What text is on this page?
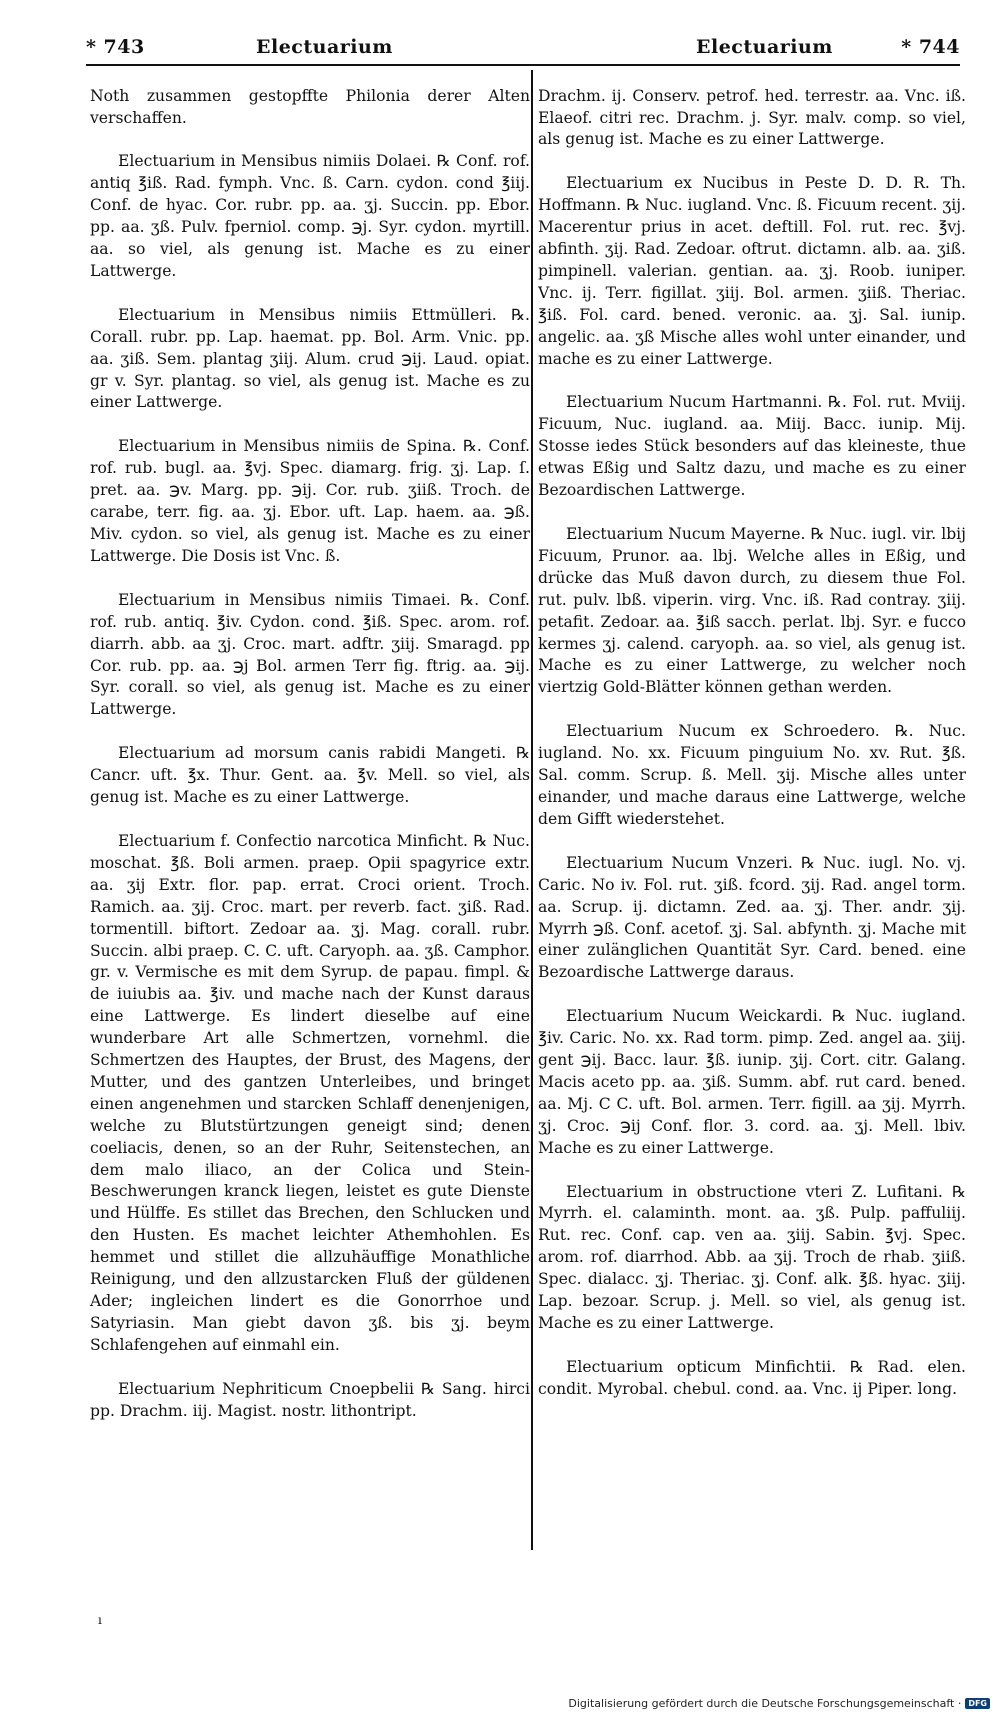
* 743	Electuarium	Electuarium	* 744

Noth zusammen gestopffte Philonia derer Alten verschaffen.

Electuarium in Mensibus nimiis Dolaei. ℞ Conf. rof. antiq ℥iß. Rad. fymph. Vnc. ß. Carn. cydon. cond ℥iij. Conf. de hyac. Cor. rubr. pp. aa. ʒj. Succin. pp. Ebor. pp. aa. ʒß. Pulv. fperniol. comp. ℈j. Syr. cydon. myrtill. aa. so viel, als genung ist. Mache es zu einer Lattwerge.

Electuarium in Mensibus nimiis Ettmülleri. ℞. Corall. rubr. pp. Lap. haemat. pp. Bol. Arm. Vnic. pp. aa. ʒiß. Sem. plantag ʒiij. Alum. crud ℈ij. Laud. opiat. gr v. Syr. plantag. so viel, als genug ist. Mache es zu einer Lattwerge.

Electuarium in Mensibus nimiis de Spina. ℞. Conf. rof. rub. bugl. aa. ℥vj. Spec. diamarg. frig. ʒj. Lap. ſ. pret. aa. ℈v. Marg. pp. ℈ij. Cor. rub. ʒiiß. Troch. de carabe, terr. fig. aa. ʒj. Ebor. uft. Lap. haem. aa. ℈ß. Miv. cydon. so viel, als genug ist. Mache es zu einer Lattwerge. Die Dosis ist Vnc. ß.

Electuarium in Mensibus nimiis Timaei. ℞. Conf. rof. rub. antiq. ℥iv. Cydon. cond. ℥iß. Spec. arom. rof. diarrh. abb. aa ʒj. Croc. mart. adftr. ʒiij. Smaragd. pp Cor. rub. pp. aa. ℈j Bol. armen Terr fig. ftrig. aa. ℈ij. Syr. corall. so viel, als genug ist. Mache es zu einer Lattwerge.

Electuarium ad morsum canis rabidi Mangeti. ℞ Cancr. uft. ℥x. Thur. Gent. aa. ℥v. Mell. so viel, als genug ist. Mache es zu einer Lattwerge.

Electuarium f. Confectio narcotica Minficht. ℞ Nuc. moschat. ℥ß. Boli armen. praep. Opii spagyrice extr. aa. ʒij Extr. flor. pap. errat. Croci orient. Troch. Ramich. aa. ʒij. Croc. mart. per reverb. fact. ʒiß. Rad. tormentill. biftort. Zedoar aa. ʒj. Mag. corall. rubr. Succin. albi praep. C. C. uft. Caryoph. aa. ʒß. Camphor. gr. v. Vermische es mit dem Syrup. de papau. fimpl. & de iuiubis aa. ℥iv. und mache nach der Kunst daraus eine Lattwerge. Es lindert dieselbe auf eine wunderbare Art alle Schmertzen, vornehml. die Schmertzen des Hauptes, der Brust, des Magens, der Mutter, und des gantzen Unterleibes, und bringet einen angenehmen und starcken Schlaff denenjenigen, welche zu Blutstürtzungen geneigt sind; denen coeliacis, denen, so an der Ruhr, Seitenstechen, an dem malo iliaco, an der Colica und Stein-Beschwerungen kranck liegen, leistet es gute Dienste und Hülffe. Es stillet das Brechen, den Schlucken und den Husten. Es machet leichter Athemhohlen. Es hemmet und stillet die allzuhäuffige Monathliche Reinigung, und den allzustarcken Fluß der güldenen Ader; ingleichen lindert es die Gonorrhoe und Satyriasin. Man giebt davon ʒß. bis ʒj. beym Schlafengehen auf einmahl ein.

Electuarium Nephriticum Cnoepbelii ℞ Sang. hirci pp. Drachm. iij. Magist. nostr. lithontript.

Drachm. ij. Conserv. petrof. hed. terrestr. aa. Vnc. iß. Elaeof. citri rec. Drachm. j. Syr. malv. comp. so viel, als genug ist. Mache es zu einer Lattwerge.

Electuarium ex Nucibus in Peste D. D. R. Th. Hoffmann. ℞ Nuc. iugland. Vnc. ß. Ficuum recent. ʒij. Macerentur prius in acet. deftill. Fol. rut. rec. ℥vj. abfinth. ʒij. Rad. Zedoar. oftrut. dictamn. alb. aa. ʒiß. pimpinell. valerian. gentian. aa. ʒj. Roob. iuniper. Vnc. ij. Terr. figillat. ʒiij. Bol. armen. ʒiiß. Theriac. ℥iß. Fol. card. bened. veronic. aa. ʒj. Sal. iunip. angelic. aa. ʒß Mische alles wohl unter einander, und mache es zu einer Lattwerge.

Electuarium Nucum Hartmanni. ℞. Fol. rut. Mviij. Ficuum, Nuc. iugland. aa. Miij. Bacc. iunip. Mij. Stosse iedes Stück besonders auf das kleineste, thue etwas Eßig und Saltz dazu, und mache es zu einer Bezoardischen Lattwerge.

Electuarium Nucum Mayerne. ℞ Nuc. iugl. vir. lbij Ficuum, Prunor. aa. lbj. Welche alles in Eßig, und drücke das Muß davon durch, zu diesem thue Fol. rut. pulv. lbß. viperin. virg. Vnc. iß. Rad contray. ʒiij. petafit. Zedoar. aa. ℥iß sacch. perlat. lbj. Syr. e fucco kermes ʒj. calend. caryoph. aa. so viel, als genug ist. Mache es zu einer Lattwerge, zu welcher noch viertzig Gold-Blätter können gethan werden.

Electuarium Nucum ex Schroedero. ℞. Nuc. iugland. No. xx. Ficuum pinguium No. xv. Rut. ℥ß. Sal. comm. Scrup. ß. Mell. ʒij. Mische alles unter einander, und mache daraus eine Lattwerge, welche dem Gifft wiederstehet.

Electuarium Nucum Vnzeri. ℞ Nuc. iugl. No. vj. Caric. No iv. Fol. rut. ʒiß. fcord. ʒij. Rad. angel torm. aa. Scrup. ij. dictamn. Zed. aa. ʒj. Ther. andr. ʒij. Myrrh ℈ß. Conf. acetof. ʒj. Sal. abfynth. ʒj. Mache mit einer zulänglichen Quantität Syr. Card. bened. eine Bezoardische Lattwerge daraus.

Electuarium Nucum Weickardi. ℞ Nuc. iugland. ℥iv. Caric. No. xx. Rad torm. pimp. Zed. angel aa. ʒiij. gent ℈ij. Bacc. laur. ℥ß. iunip. ʒij. Cort. citr. Galang. Macis aceto pp. aa. ʒiß. Summ. abf. rut card. bened. aa. Mj. C C. uft. Bol. armen. Terr. figill. aa ʒij. Myrrh. ʒj. Croc. ℈ij Conf. flor. 3. cord. aa. ʒj. Mell. lbiv. Mache es zu einer Lattwerge.

Electuarium in obstructione vteri Z. Lufitani. ℞ Myrrh. el. calaminth. mont. aa. ʒß. Pulp. paffuliij. Rut. rec. Conf. cap. ven aa. ʒiij. Sabin. ℥vj. Spec. arom. rof. diarrhod. Abb. aa ʒij. Troch de rhab. ʒiiß. Spec. dialacc. ʒj. Theriac. ʒj. Conf. alk. ℥ß. hyac. ʒiij. Lap. bezoar. Scrup. j. Mell. so viel, als genug ist. Mache es zu einer Lattwerge.

Electuarium opticum Minfichtii. ℞ Rad. elen. condit. Myrobal. chebul. cond. aa. Vnc. ij Piper. long.

ı
Digitalisierung gefördert durch die Deutsche Forschungsgemeinschaft · DFG
